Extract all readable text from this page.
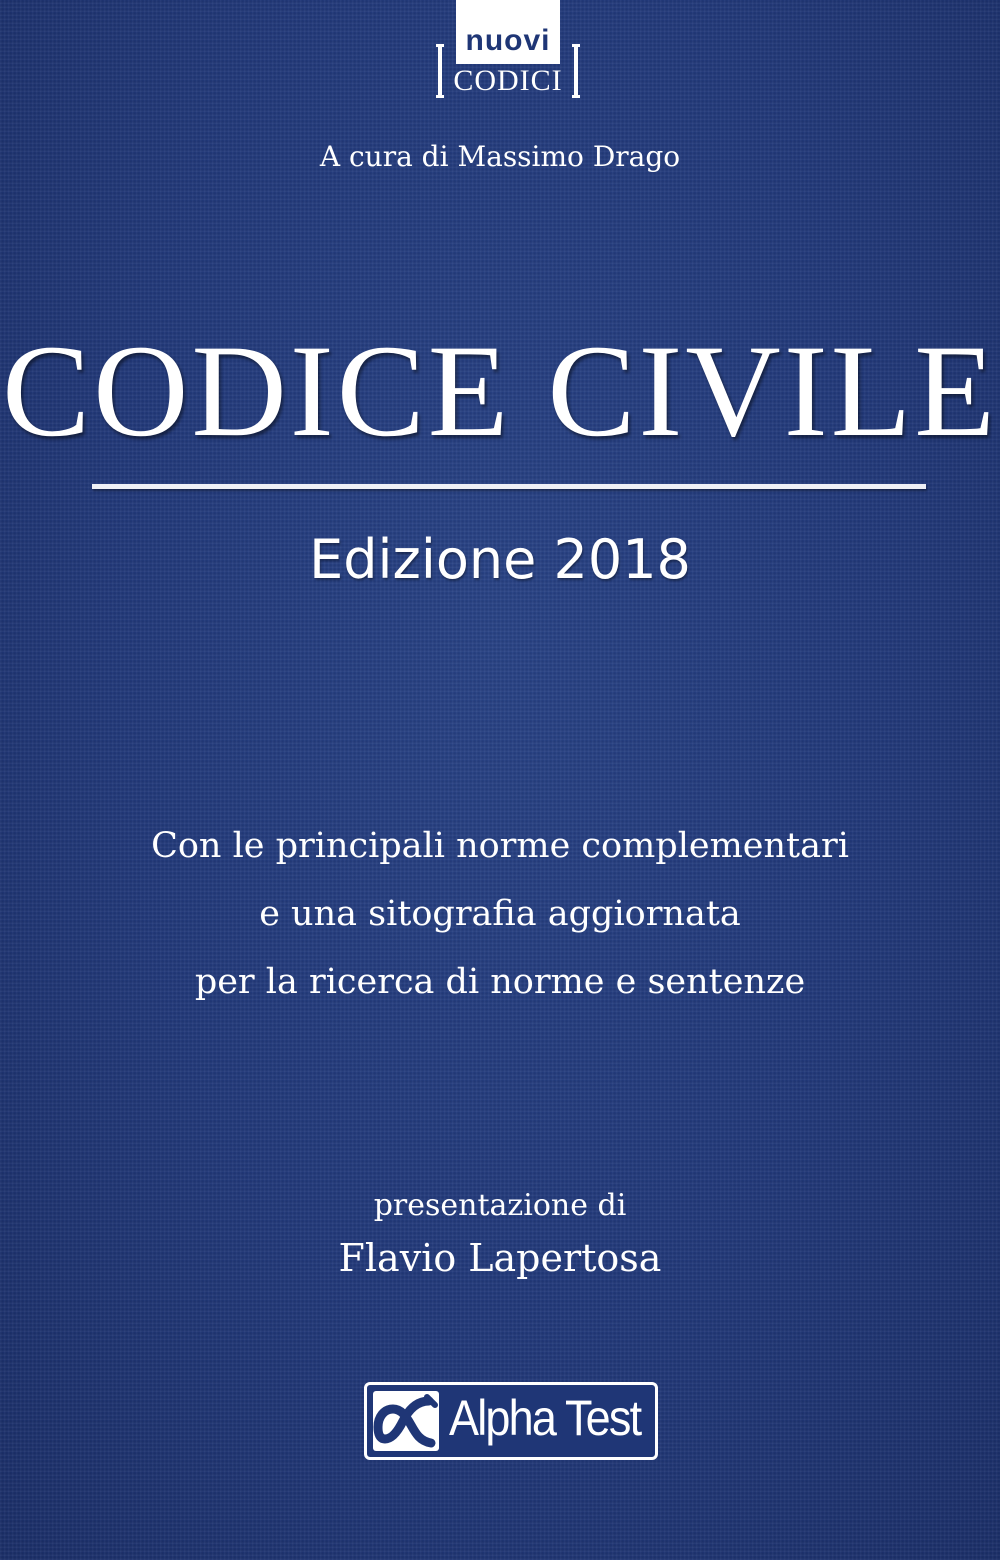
nuovi
CODICI
A cura di Massimo Drago
CODICE CIVILE
Edizione 2018
Con le principali norme complementari
e una sitografia aggiornata
per la ricerca di norme e sentenze
presentazione di
Flavio Lapertosa
Alpha Test
